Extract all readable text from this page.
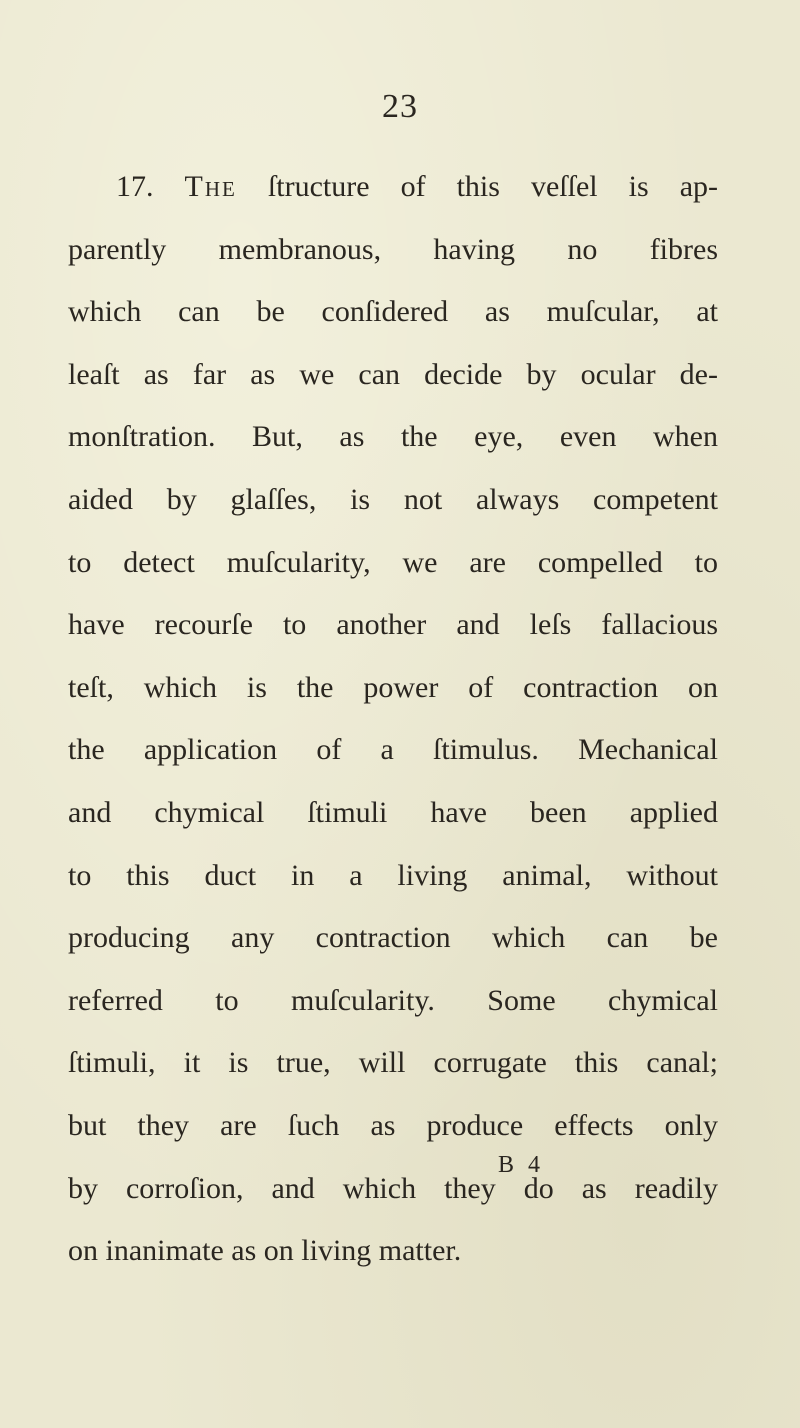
23
17. The ſtructure of this veſſel is ap-
parently membranous, having no fibres
which can be conſidered as muſcular, at
leaſt as far as we can decide by ocular de-
monſtration. But, as the eye, even when
aided by glaſſes, is not always competent
to detect muſcularity, we are compelled to
have recourſe to another and leſs fallacious
teſt, which is the power of contraction on
the application of a ſtimulus. Mechanical
and chymical ſtimuli have been applied
to this duct in a living animal, without
producing any contraction which can be
referred to muſcularity. Some chymical
ſtimuli, it is true, will corrugate this canal;
but they are ſuch as produce effects only
by corroſion, and which they do as readily
on inanimate as on living matter.
B 4
